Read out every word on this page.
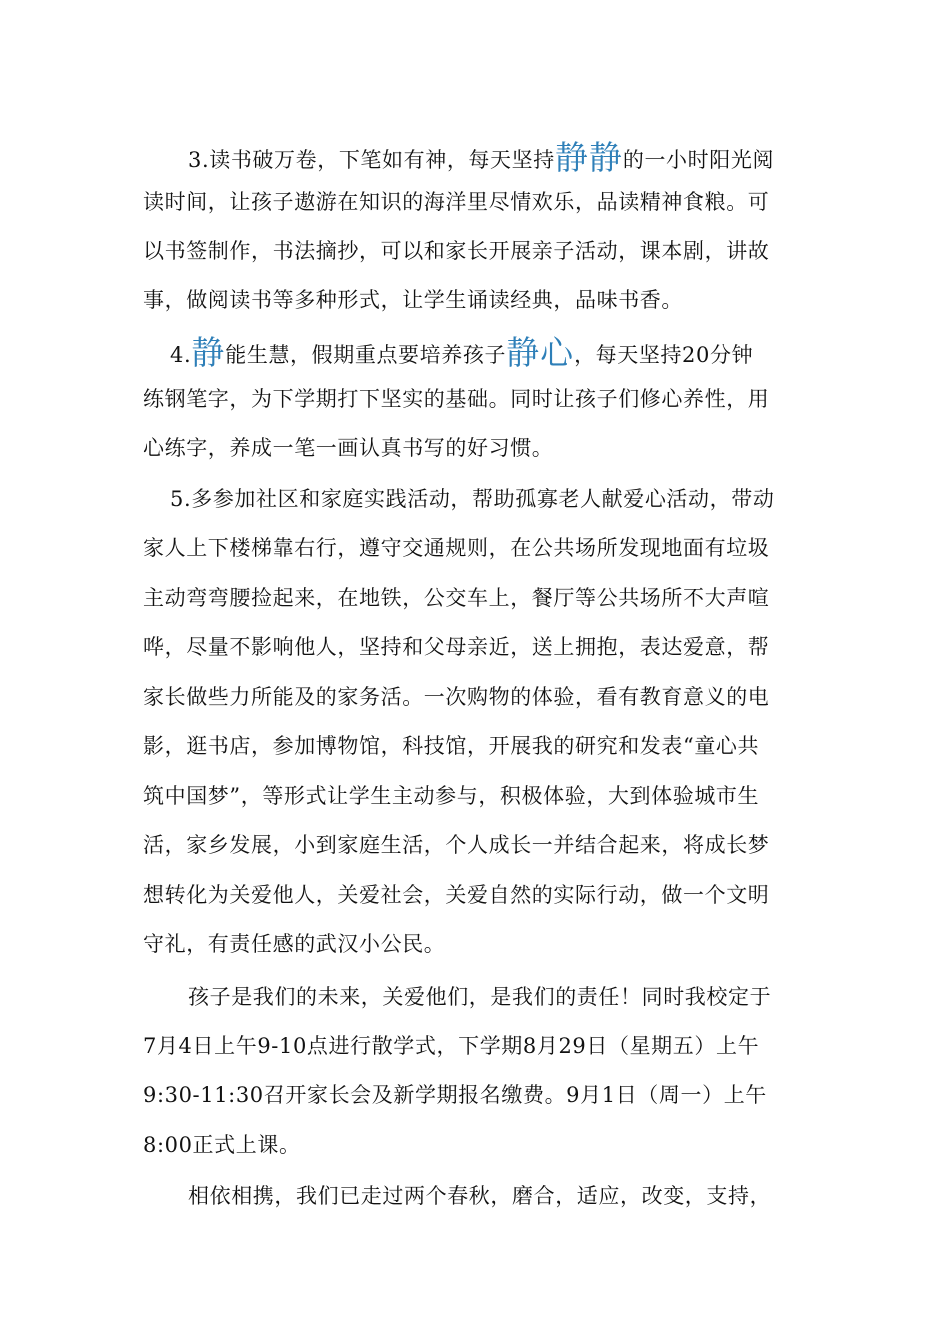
3.读书破万卷，下笔如有神，每天坚持静静的一小时阳光阅
读时间，让孩子遨游在知识的海洋里尽情欢乐，品读精神食粮。可
以书签制作，书法摘抄，可以和家长开展亲子活动，课本剧，讲故
事，做阅读书等多种形式，让学生诵读经典，品味书香。
4.静能生慧，假期重点要培养孩子静心，每天坚持20分钟
练钢笔字，为下学期打下坚实的基础。同时让孩子们修心养性，用
心练字，养成一笔一画认真书写的好习惯。
5.多参加社区和家庭实践活动，帮助孤寡老人献爱心活动，带动
家人上下楼梯靠右行，遵守交通规则，在公共场所发现地面有垃圾
主动弯弯腰捡起来，在地铁，公交车上，餐厅等公共场所不大声喧
哗，尽量不影响他人，坚持和父母亲近，送上拥抱，表达爱意，帮
家长做些力所能及的家务活。一次购物的体验，看有教育意义的电
影，逛书店，参加博物馆，科技馆，开展我的研究和发表“童心共
筑中国梦”，等形式让学生主动参与，积极体验，大到体验城市生
活，家乡发展，小到家庭生活，个人成长一并结合起来，将成长梦
想转化为关爱他人，关爱社会，关爱自然的实际行动，做一个文明
守礼，有责任感的武汉小公民。
孩子是我们的未来，关爱他们，是我们的责任！同时我校定于
7月4日上午9-10点进行散学式，下学期8月29日（星期五）上午
9:30-11:30召开家长会及新学期报名缴费。9月1日（周一）上午
8:00正式上课。
相依相携，我们已走过两个春秋，磨合，适应，改变，支持，
